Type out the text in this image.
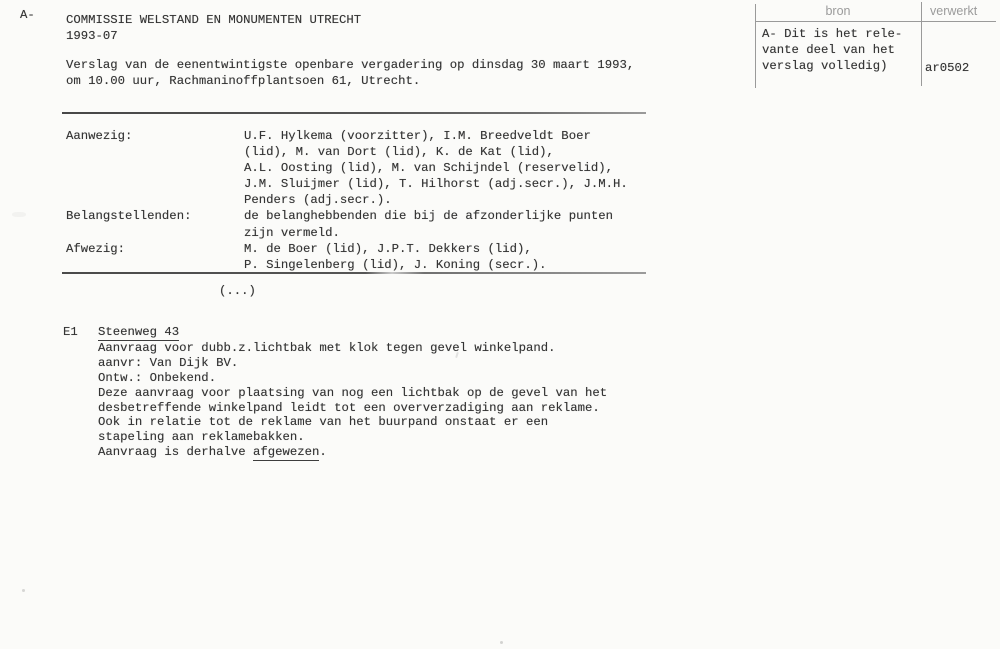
A-	COMMISSIE WELSTAND EN MONUMENTEN UTRECHT
1993-07
Verslag van de eenentwintigste openbare vergadering op dinsdag 30 maart 1993,
om 10.00 uur, Rachmaninoffplantsoen 61, Utrecht.
bron	verwerkt
A- Dit is het rele-
vante deel van het
verslag volledig)	ar0502
Aanwezig:	U.F. Hylkema (voorzitter), I.M. Breedveldt Boer
(lid), M. van Dort (lid), K. de Kat (lid),
A.L. Oosting (lid), M. van Schijndel (reservelid),
J.M. Sluijmer (lid), T. Hilhorst (adj.secr.), J.M.H.
Penders (adj.secr.).
Belangstellenden:	de belanghebbenden die bij de afzonderlijke punten
zijn vermeld.
Afwezig:	M. de Boer (lid), J.P.T. Dekkers (lid),
P. Singelenberg (lid), J. Koning (secr.).
(...)
E1 Steenweg 43
Aanvraag voor dubb.z.lichtbak met klok tegen gevel winkelpand.
aanvr: Van Dijk BV.
Ontw.: Onbekend.
Deze aanvraag voor plaatsing van nog een lichtbak op de gevel van het
desbetreffende winkelpand leidt tot een oververzadiging aan reklame.
Ook in relatie tot de reklame van het buurpand onstaat er een
stapeling aan reklamebakken.
Aanvraag is derhalve afgewezen.
